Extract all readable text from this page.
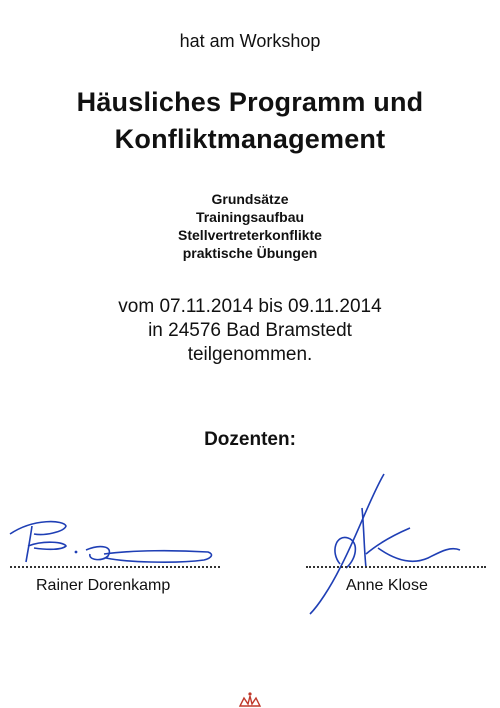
hat am Workshop
Häusliches Programm und
Konfliktmanagement
Grundsätze
Trainingsaufbau
Stellvertreterkonflikte
praktische Übungen
vom 07.11.2014 bis 09.11.2014
in 24576 Bad Bramstedt
teilgenommen.
Dozenten:
Rainer Dorenkamp	Anne Klose
